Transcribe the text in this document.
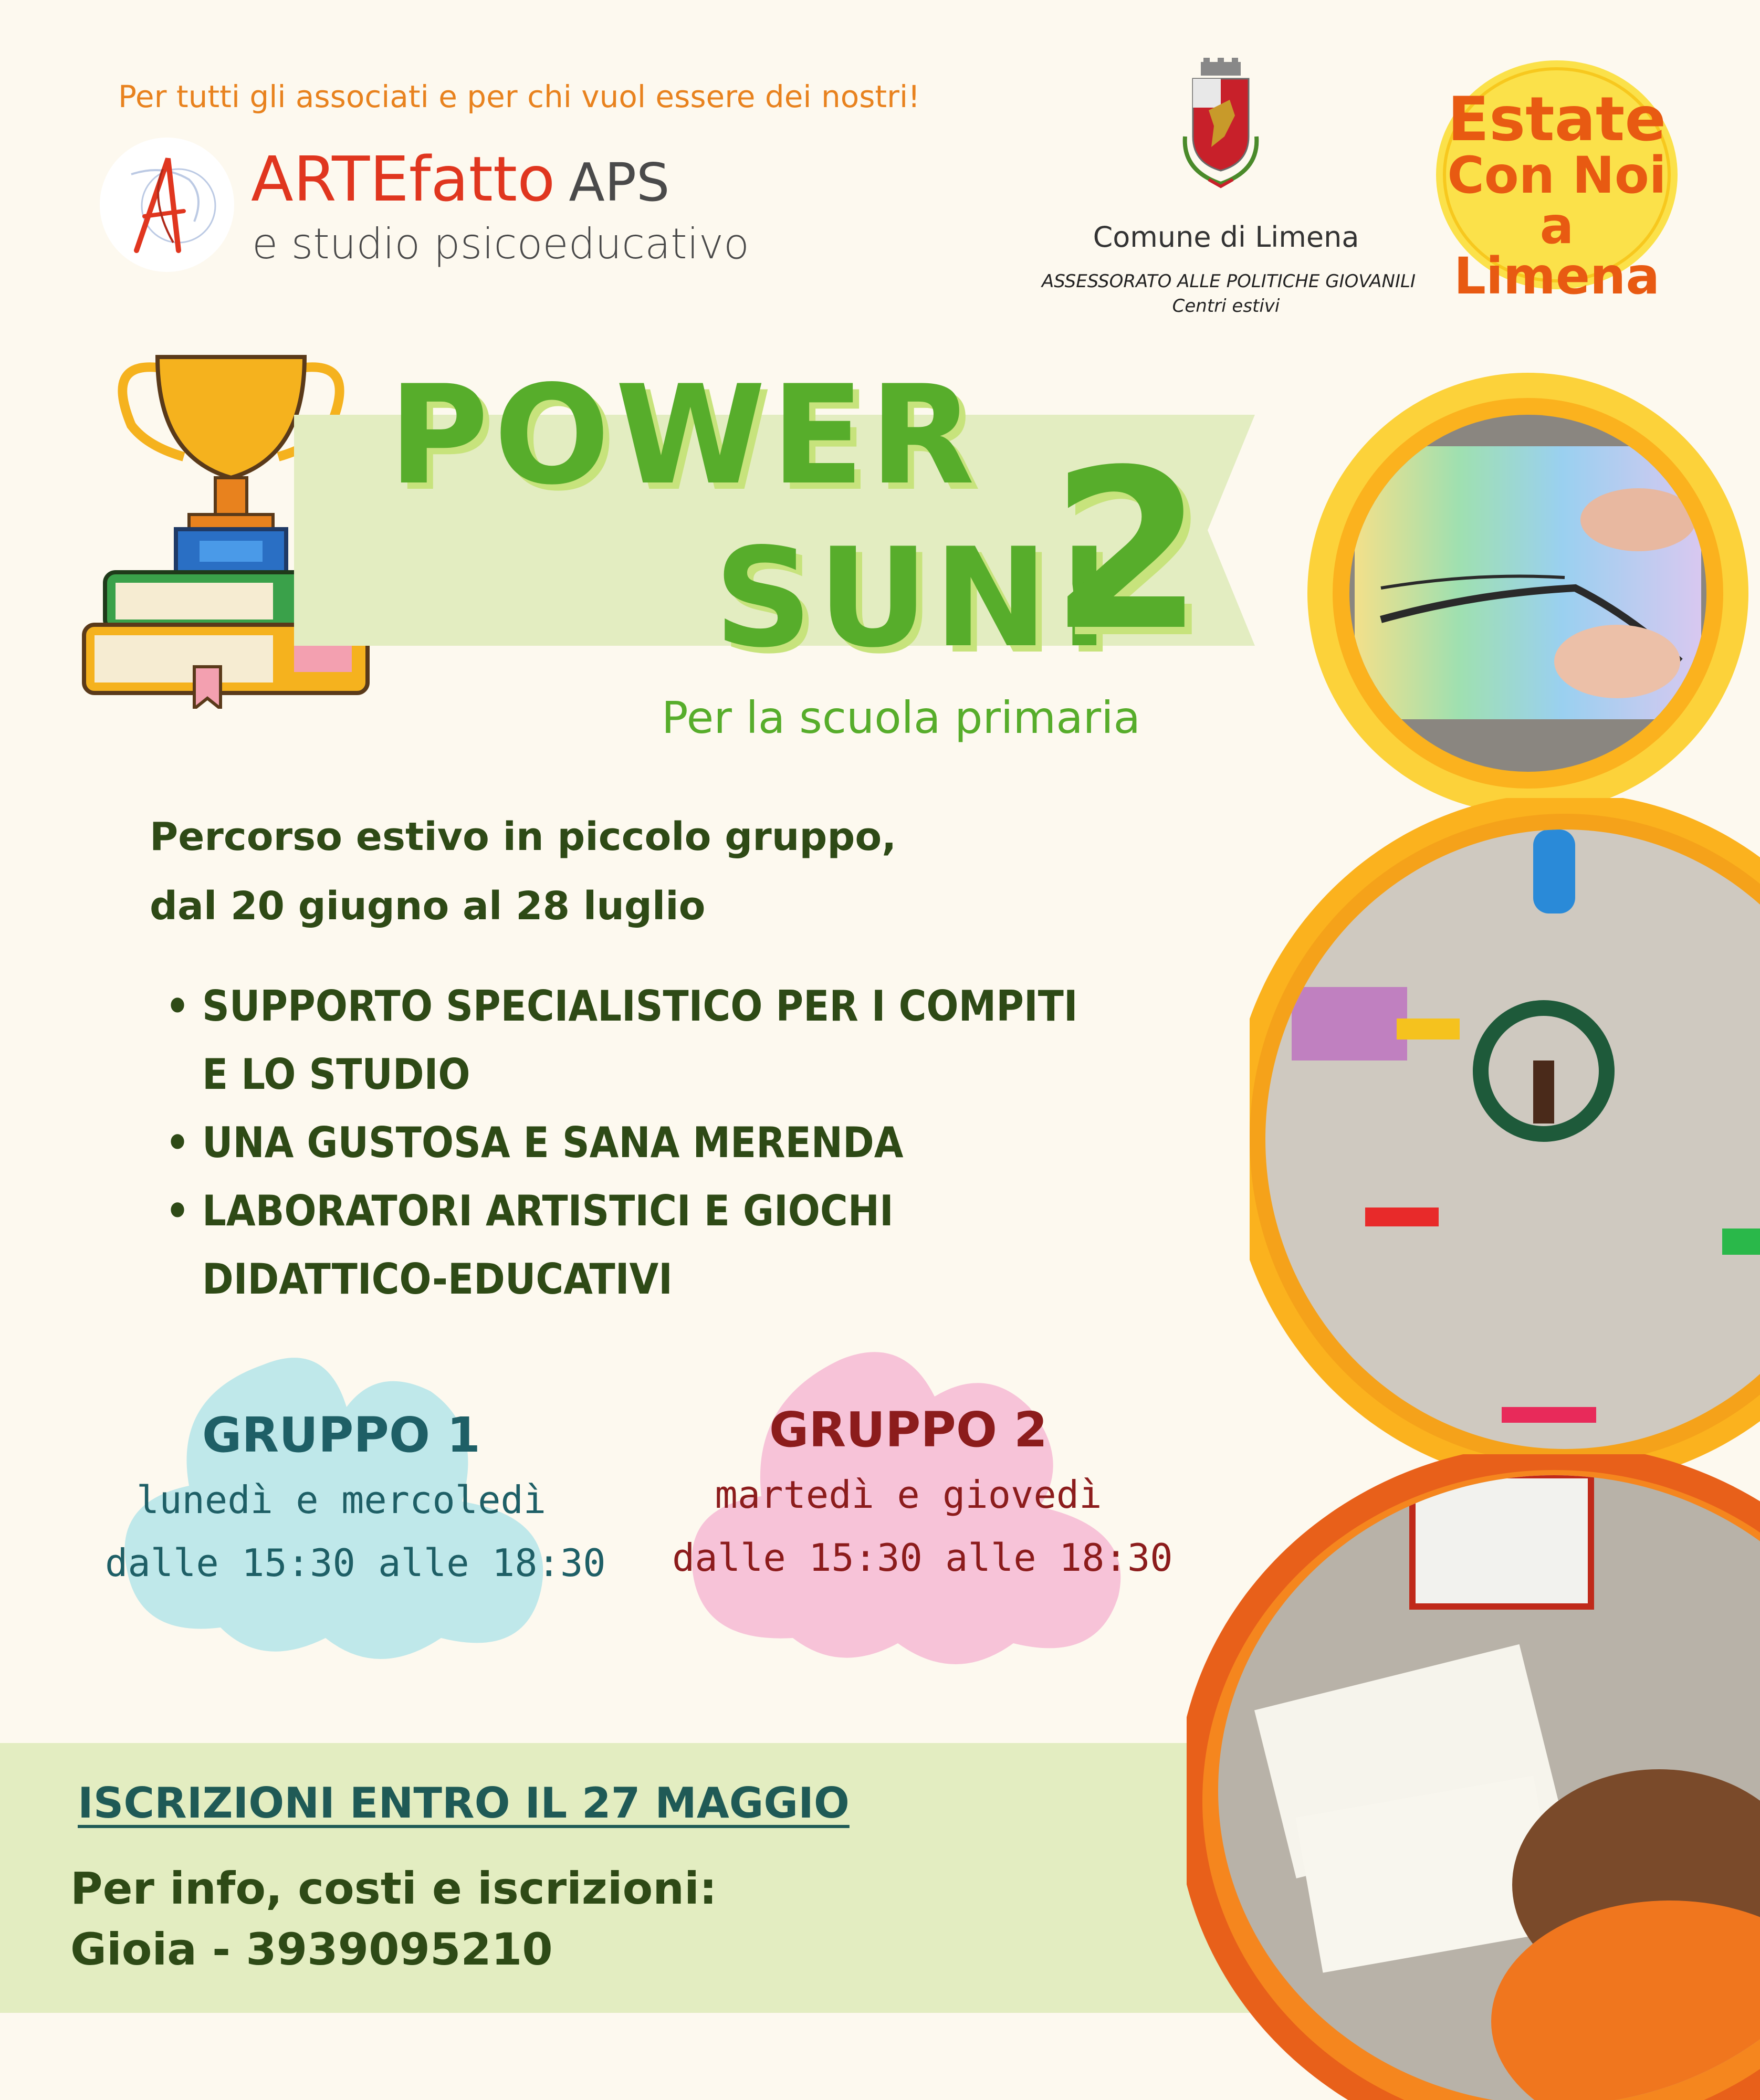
Per tutti gli associati e per chi vuol essere dei nostri!
ARTEfatto APS
e studio psicoeducativo	Comune di Limena
ASSESSORATO ALLE POLITICHE GIOVANILI
Centri estivi
Estate
Con Noi
a Limena
POWER
SUN!
2
Per la scuola primaria
Percorso estivo in piccolo gruppo,
dal 20 giugno al 28 luglio
• SUPPORTO SPECIALISTICO PER I COMPITI
E LO STUDIO
• UNA GUSTOSA E SANA MERENDA
• LABORATORI ARTISTICI E GIOCHI
DIDATTICO-EDUCATIVI
GRUPPO 1
lunedì e mercoledì
dalle 15:30 alle 18:30
GRUPPO 2
martedì e giovedì
dalle 15:30 alle 18:30
ISCRIZIONI ENTRO IL 27 MAGGIO
Per info, costi e iscrizioni:
Gioia - 3939095210
